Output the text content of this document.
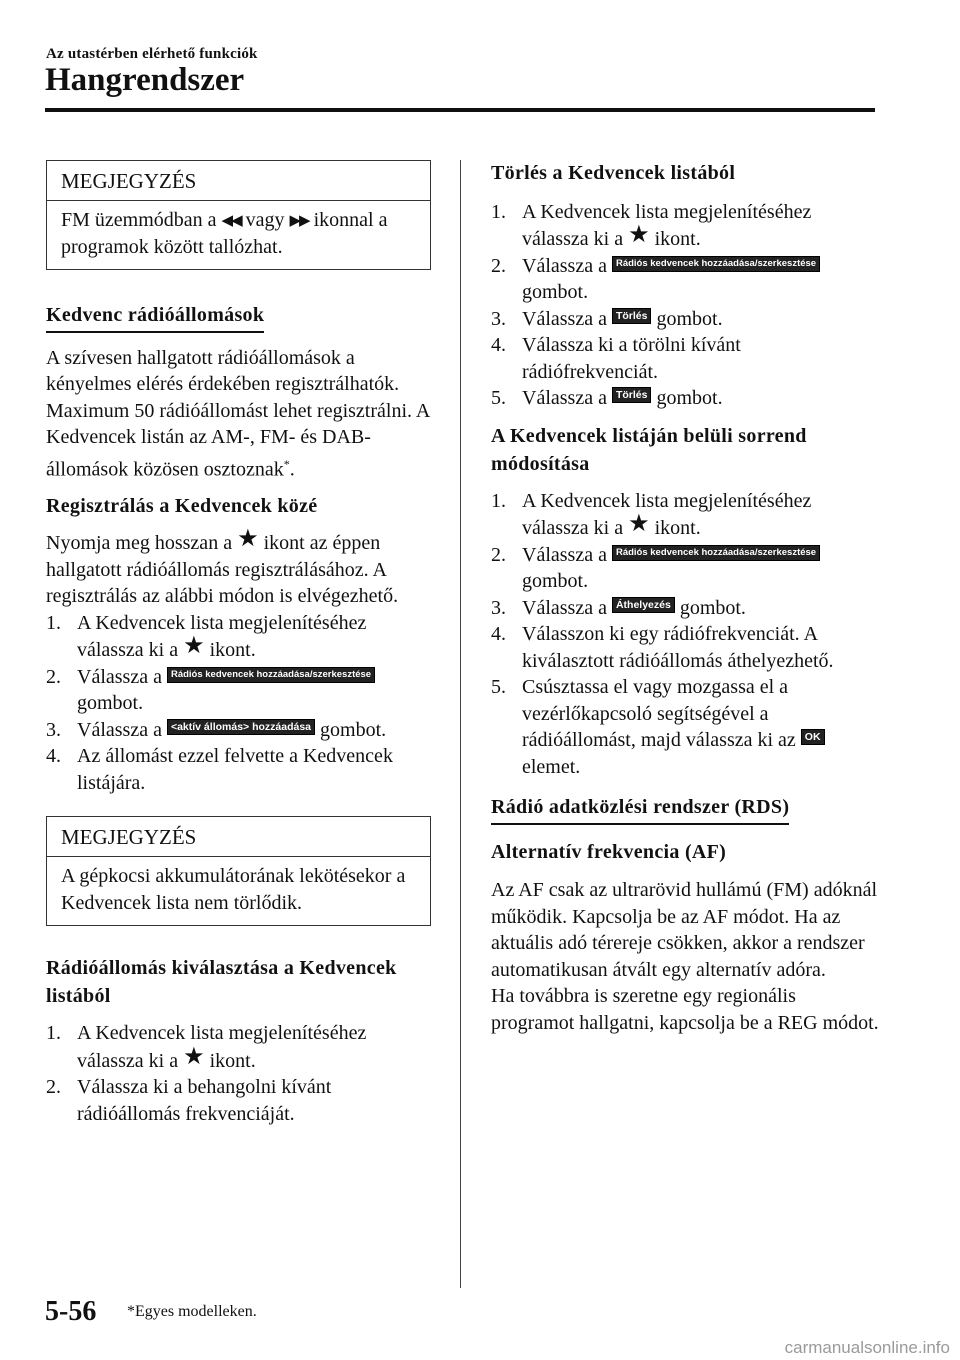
Az utastérben elérhető funkciók
Hangrendszer
MEGJEGYZÉS
FM üzemmódban a ◀◀ vagy ▶▶ ikonnal a programok között tallózhat.
Kedvenc rádióállomások

A szívesen hallgatott rádióállomások a kényelmes elérés érdekében regisztrálhatók. Maximum 50 rádióállomást lehet regisztrálni. A Kedvencek listán az AM-, FM- és DAB-állomások közösen osztoznak*.

Regisztrálás a Kedvencek közé

Nyomja meg hosszan a ★ ikont az éppen hallgatott rádióállomás regisztrálásához. A regisztrálás az alábbi módon is elvégezhető.

1. A Kedvencek lista megjelenítéséhez válassza ki a ★ ikont.
2. Válassza a Rádiós kedvencek hozzáadása/szerkesztése gombot.
3. Válassza a <aktív állomás> hozzáadása gombot.
4. Az állomást ezzel felvette a Kedvencek listájára.
MEGJEGYZÉS
A gépkocsi akkumulátorának lekötésekor a Kedvencek lista nem törlődik.

Rádióállomás kiválasztása a Kedvencek listából

1. A Kedvencek lista megjelenítéséhez válassza ki a ★ ikont.
2. Válassza ki a behangolni kívánt rádióállomás frekvenciáját.

Törlés a Kedvencek listából

1. A Kedvencek lista megjelenítéséhez válassza ki a ★ ikont.
2. Válassza a Rádiós kedvencek hozzáadása/szerkesztése gombot.
3. Válassza a Törlés gombot.
4. Válassza ki a törölni kívánt rádiófrekvenciát.
5. Válassza a Törlés gombot.

A Kedvencek listáján belüli sorrend módosítása

1. A Kedvencek lista megjelenítéséhez válassza ki a ★ ikont.
2. Válassza a Rádiós kedvencek hozzáadása/szerkesztése gombot.
3. Válassza a Áthelyezés gombot.
4. Válasszon ki egy rádiófrekvenciát. A kiválasztott rádióállomás áthelyezhető.
5. Csúsztassa el vagy mozgassa el a vezérlőkapcsoló segítségével a rádióállomást, majd válassza ki az OK elemet.
Rádió adatközlési rendszer (RDS)

Alternatív frekvencia (AF)

Az AF csak az ultrarövid hullámú (FM) adóknál működik. Kapcsolja be az AF módot. Ha az aktuális adó térereje csökken, akkor a rendszer automatikusan átvált egy alternatív adóra.

Ha továbbra is szeretne egy regionális programot hallgatni, kapcsolja be a REG módot.

5-56 *Egyes modelleken.
carmanualsonline.info
